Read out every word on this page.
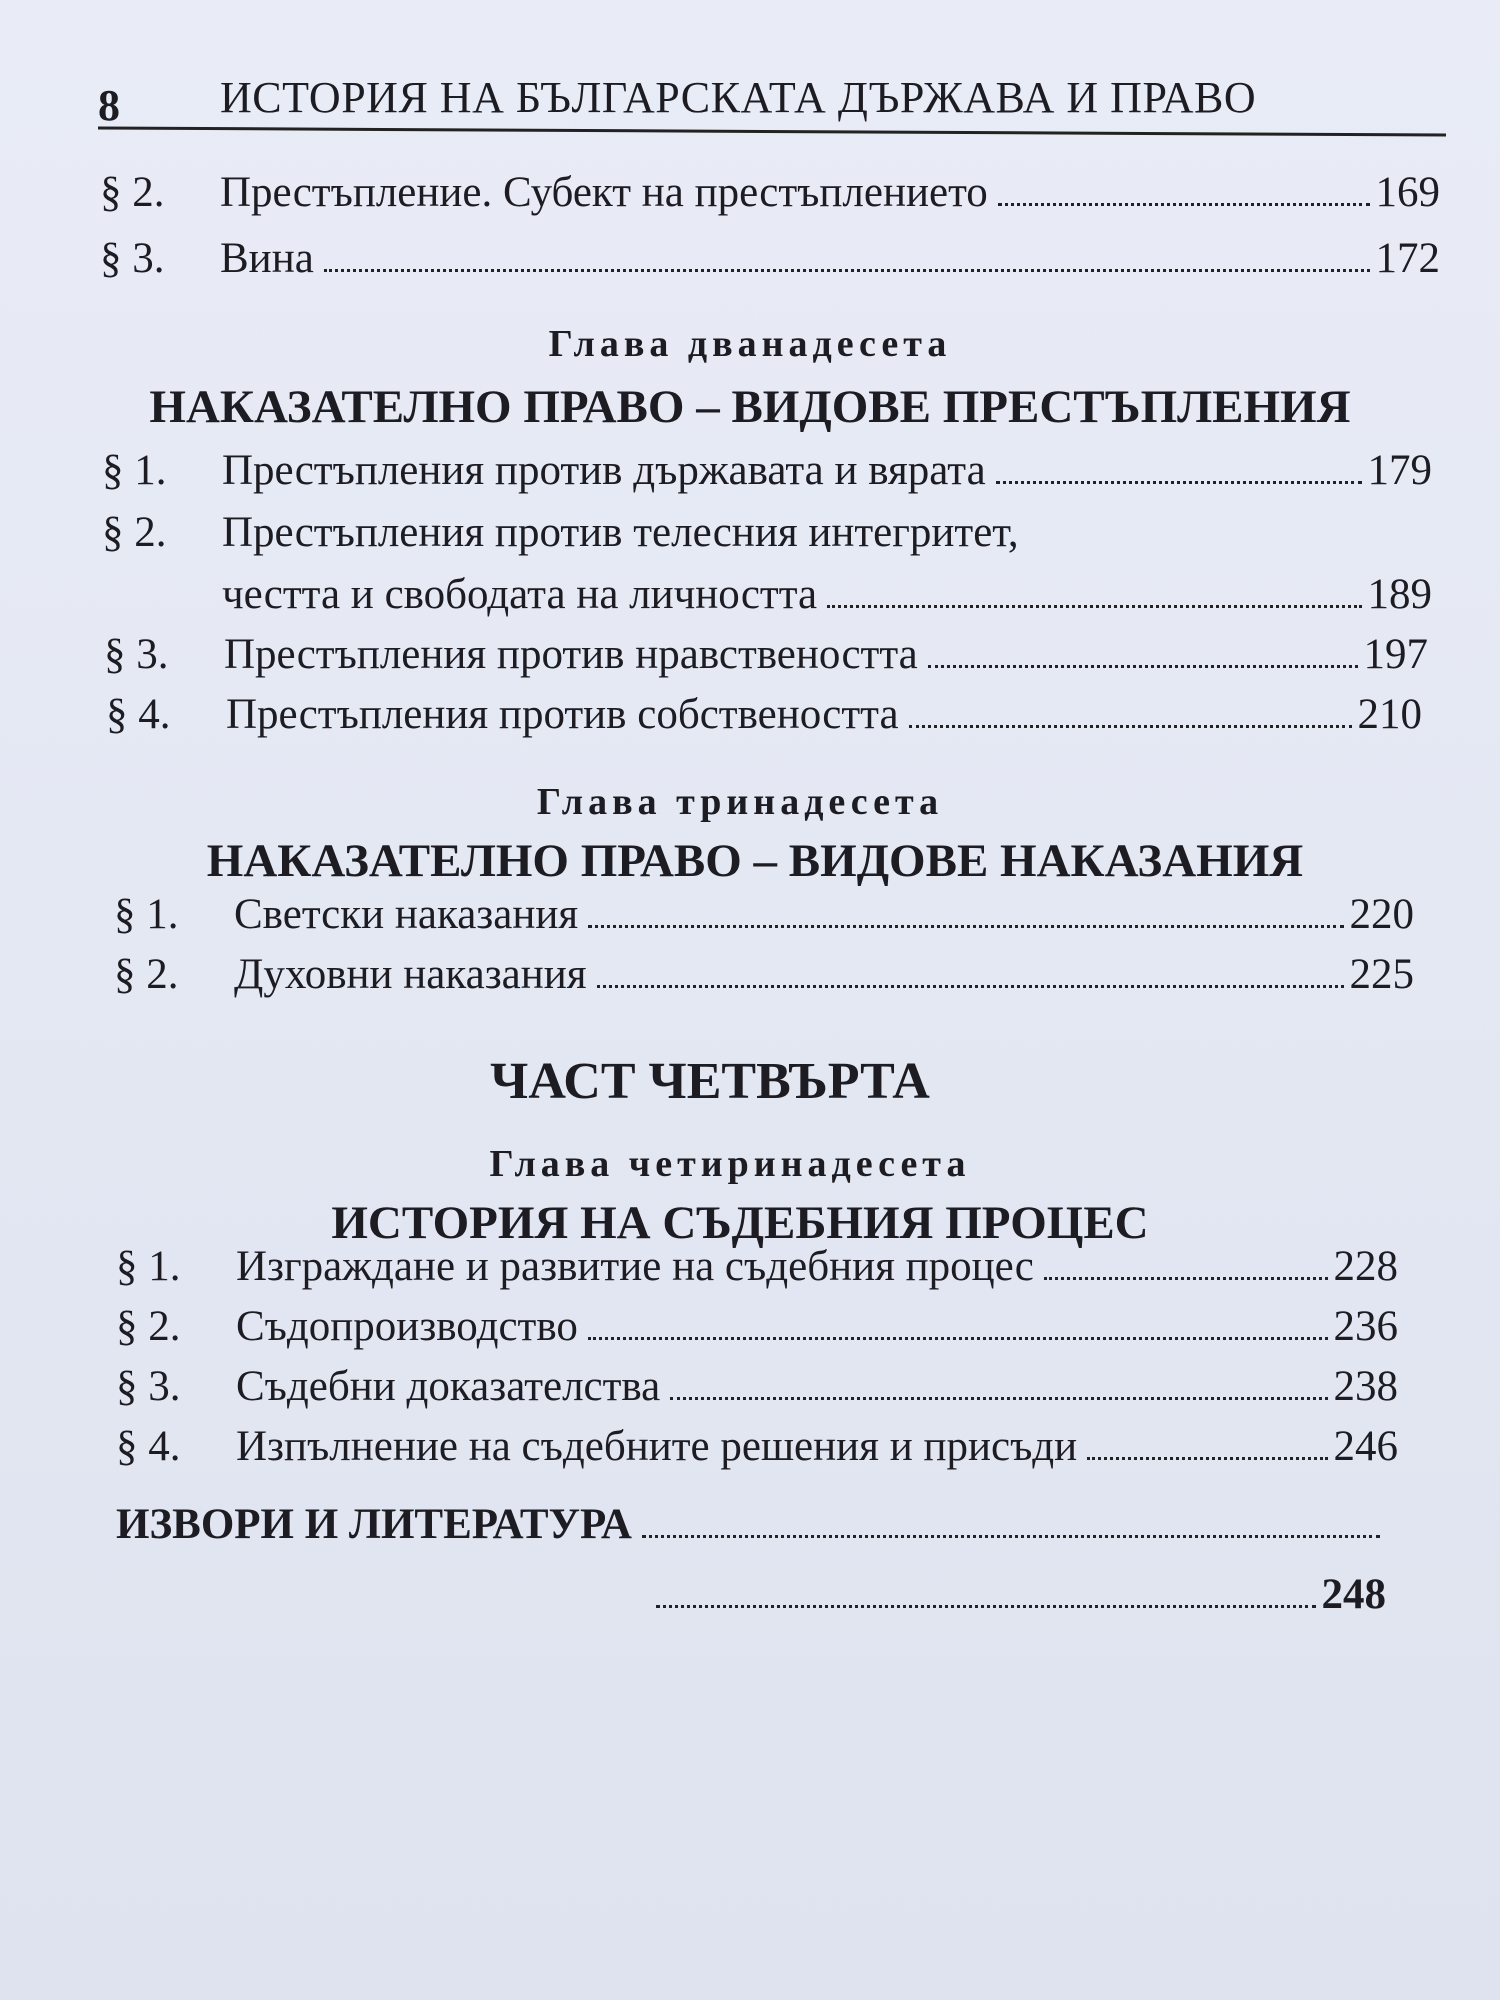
8 ИСТОРИЯ НА БЪЛГАРСКАТА ДЪРЖАВА И ПРАВО
§ 2.	Престъпление. Субект на престъплението	169
§ 3.	Вина	172
Глава дванадесета
НАКАЗАТЕЛНО ПРАВО – ВИДОВЕ ПРЕСТЪПЛЕНИЯ
§ 1.	Престъпления против държавата и вярата	179
§ 2.	Престъпления против телесния интегритет,
честта и свободата на личността	189
§ 3.	Престъпления против нравствеността	197
§ 4.	Престъпления против собствеността	210
Глава тринадесета
НАКАЗАТЕЛНО ПРАВО – ВИДОВЕ НАКАЗАНИЯ
§ 1.	Светски наказания	220
§ 2.	Духовни наказания	225
ЧАСТ ЧЕТВЪРТА
Глава четиринадесета
ИСТОРИЯ НА СЪДЕБНИЯ ПРОЦЕС
§ 1.	Изграждане и развитие на съдебния процес	228
§ 2.	Съдопроизводство	236
§ 3.	Съдебни доказателства	238
§ 4.	Изпълнение на съдебните решения и присъди	246
ИЗВОРИ И ЛИТЕРАТУРА
248
